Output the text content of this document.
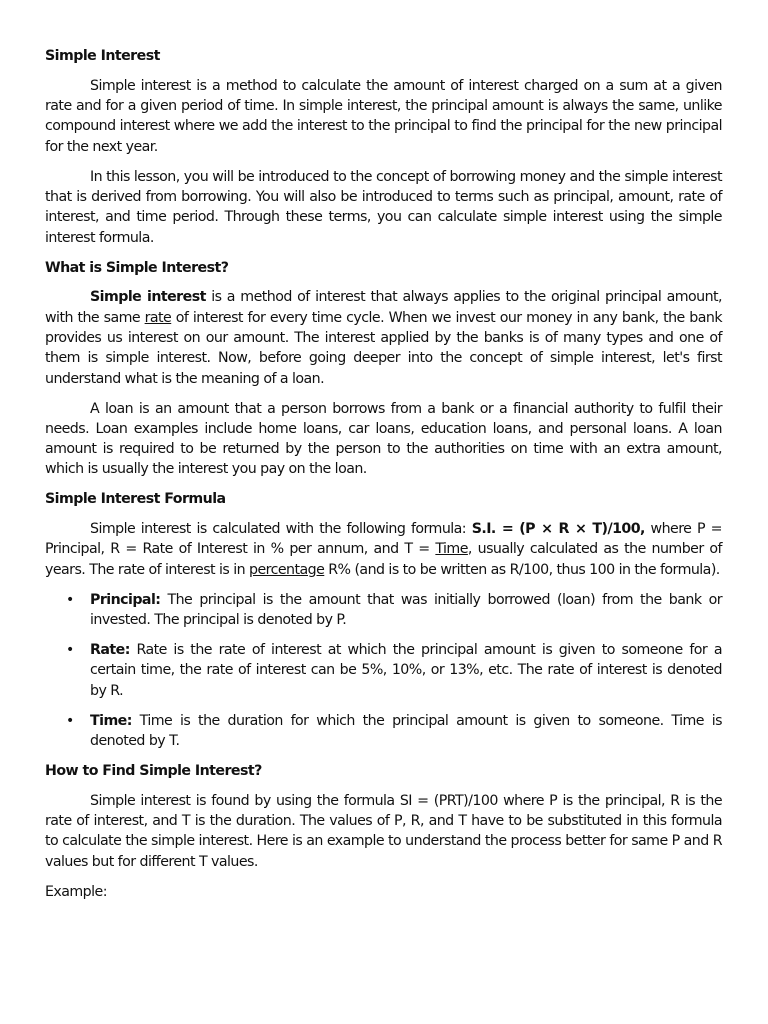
Simple Interest

Simple interest is a method to calculate the amount of interest charged on a sum at a given rate and for a given period of time. In simple interest, the principal amount is always the same, unlike compound interest where we add the interest to the principal to find the principal for the new principal for the next year.

In this lesson, you will be introduced to the concept of borrowing money and the simple interest that is derived from borrowing. You will also be introduced to terms such as principal, amount, rate of interest, and time period. Through these terms, you can calculate simple interest using the simple interest formula.

What is Simple Interest?

Simple interest is a method of interest that always applies to the original principal amount, with the same rate of interest for every time cycle. When we invest our money in any bank, the bank provides us interest on our amount. The interest applied by the banks is of many types and one of them is simple interest. Now, before going deeper into the concept of simple interest, let's first understand what is the meaning of a loan.

A loan is an amount that a person borrows from a bank or a financial authority to fulfil their needs. Loan examples include home loans, car loans, education loans, and personal loans. A loan amount is required to be returned by the person to the authorities on time with an extra amount, which is usually the interest you pay on the loan.

Simple Interest Formula

Simple interest is calculated with the following formula: S.I. = (P × R × T)/100, where P = Principal, R = Rate of Interest in % per annum, and T = Time, usually calculated as the number of years. The rate of interest is in percentage R% (and is to be written as R/100, thus 100 in the formula).

• Principal: The principal is the amount that was initially borrowed (loan) from the bank or invested. The principal is denoted by P.
• Rate: Rate is the rate of interest at which the principal amount is given to someone for a certain time, the rate of interest can be 5%, 10%, or 13%, etc. The rate of interest is denoted by R.
• Time: Time is the duration for which the principal amount is given to someone. Time is denoted by T.
How to Find Simple Interest?

Simple interest is found by using the formula SI = (PRT)/100 where P is the principal, R is the rate of interest, and T is the duration. The values of P, R, and T have to be substituted in this formula to calculate the simple interest. Here is an example to understand the process better for same P and R values but for different T values.

Example:
